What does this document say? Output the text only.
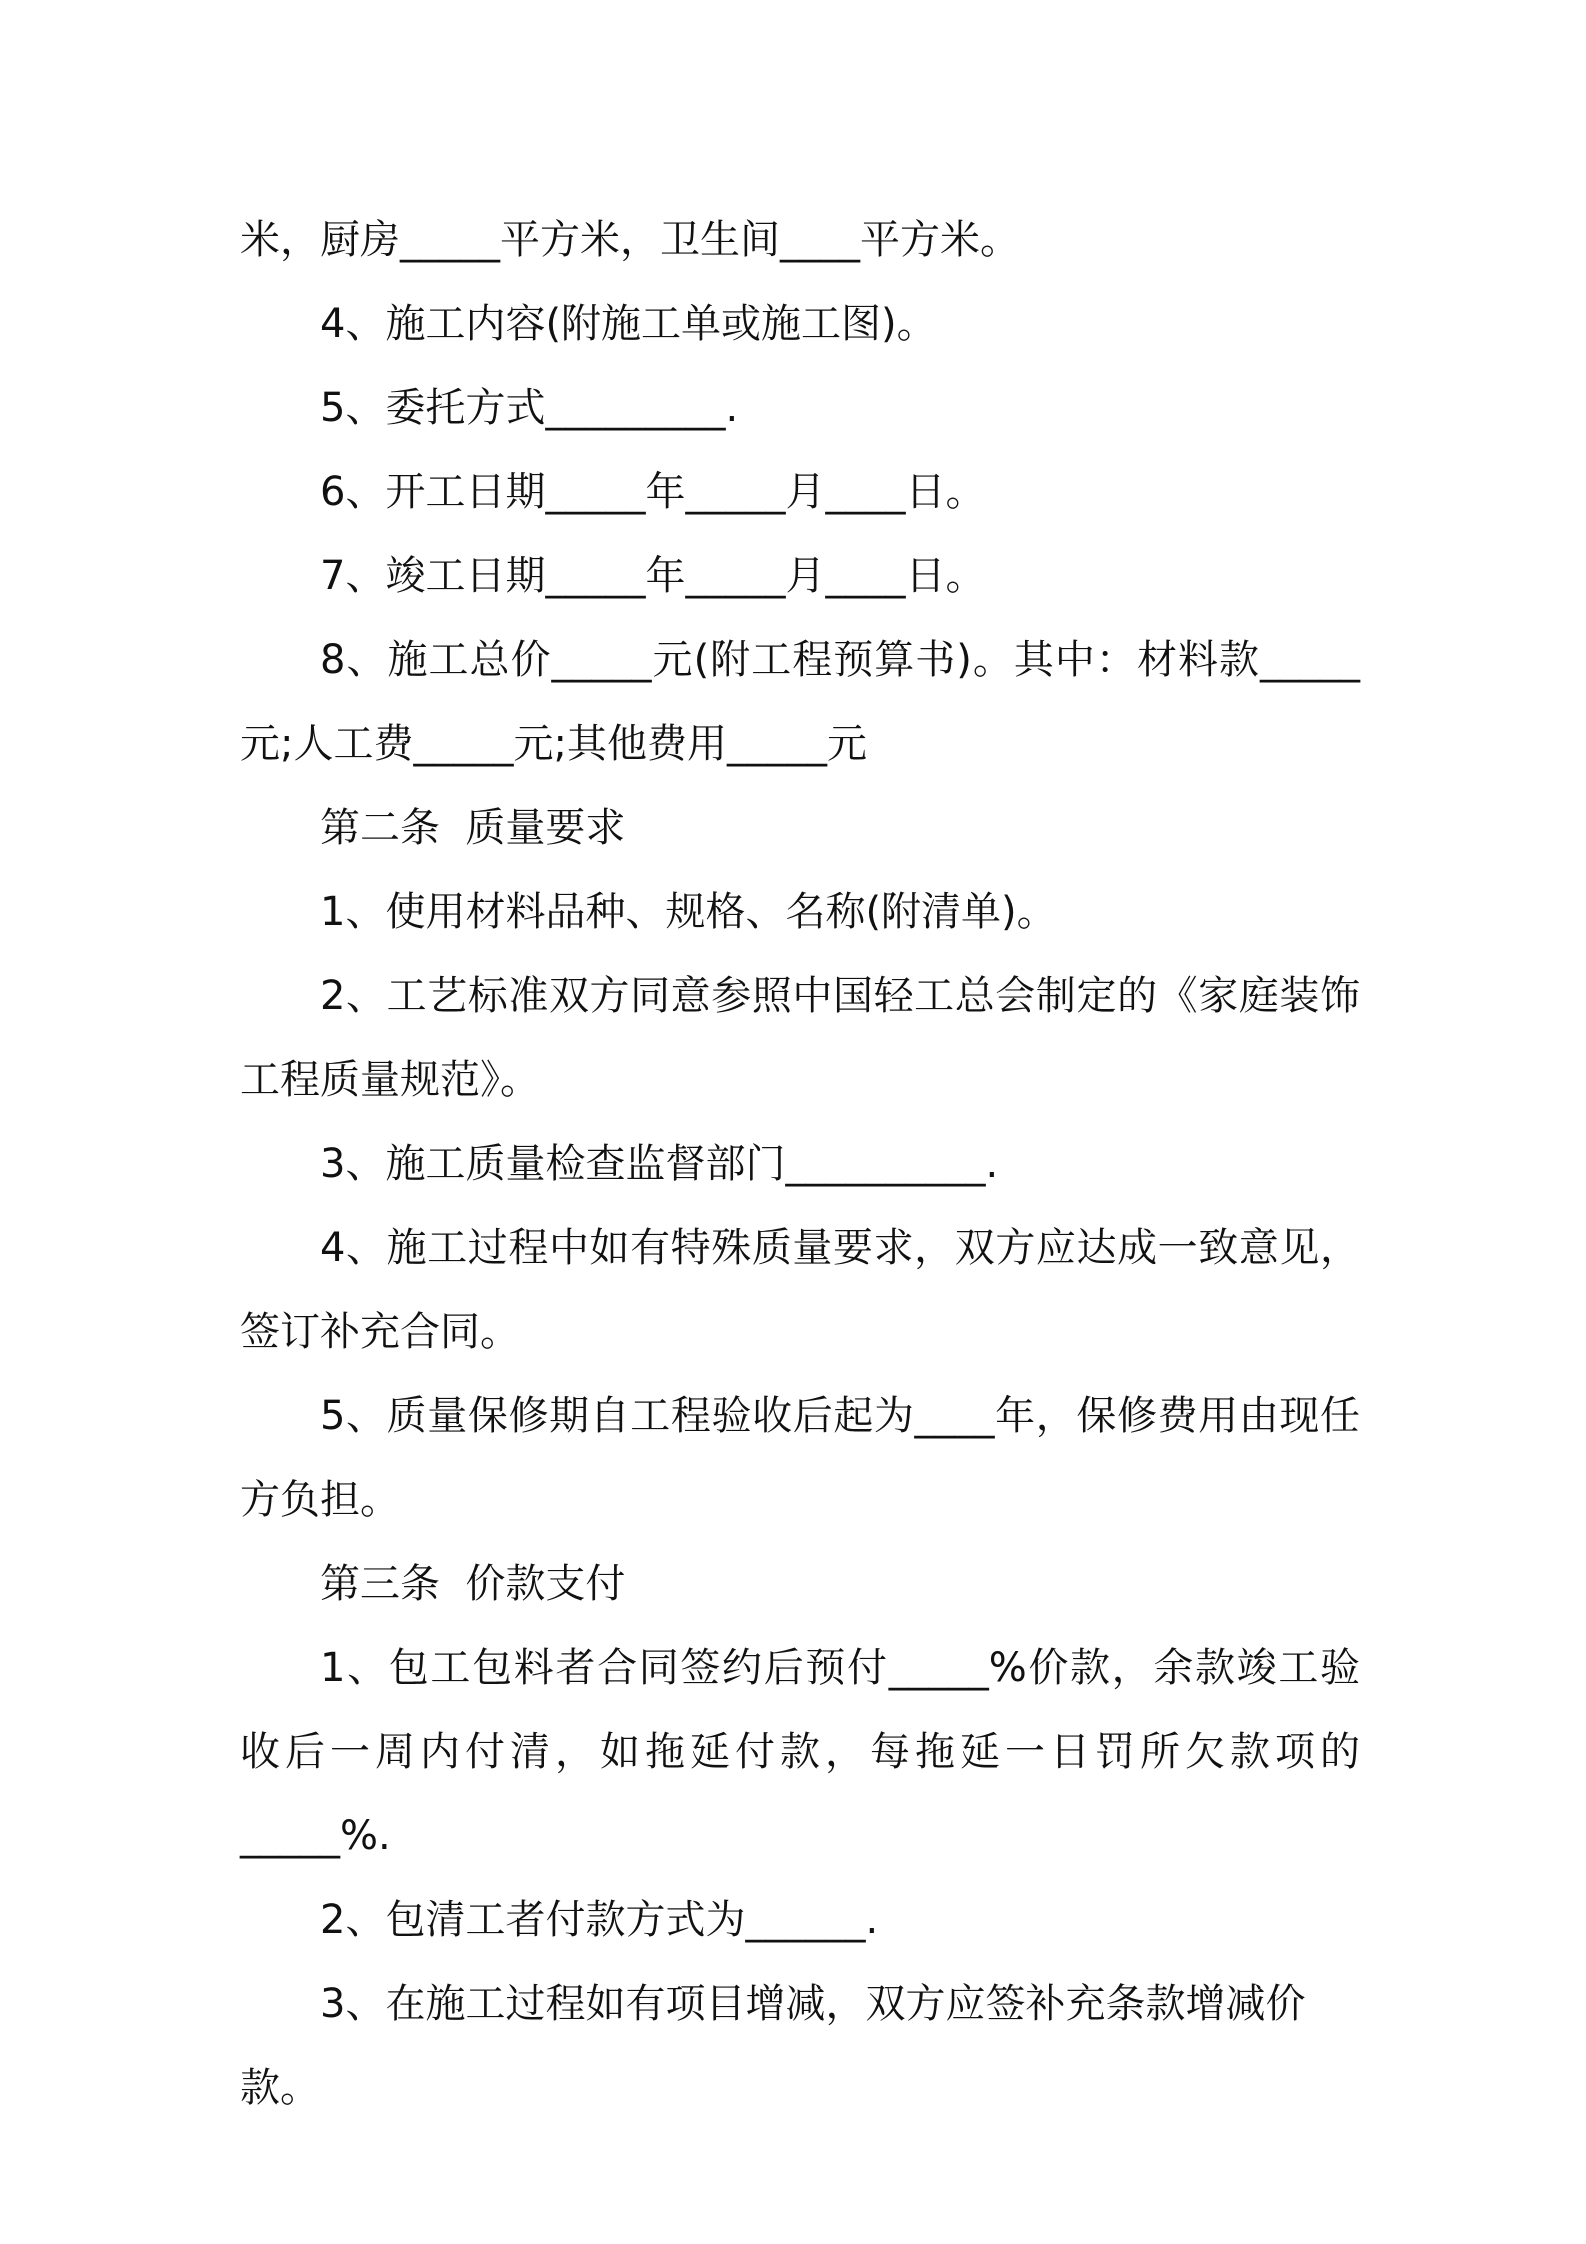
米，厨房_____平方米，卫生间____平方米。

4、施工内容(附施工单或施工图)。

5、委托方式_________.

6、开工日期_____年_____月____日。

7、竣工日期_____年_____月____日。

8、施工总价_____元(附工程预算书)。其中：材料款_____元;人工费_____元;其他费用_____元

第二条  质量要求

1、使用材料品种、规格、名称(附清单)。

2、工艺标准双方同意参照中国轻工总会制定的《家庭装饰工程质量规范》。

3、施工质量检查监督部门__________.

4、施工过程中如有特殊质量要求，双方应达成一致意见，签订补充合同。

5、质量保修期自工程验收后起为____年，保修费用由现任方负担。

第三条  价款支付

1、包工包料者合同签约后预付_____%价款，余款竣工验收后一周内付清，如拖延付款，每拖延一日罚所欠款项的_____%.

2、包清工者付款方式为______.

3、在施工过程如有项目增减，双方应签补充条款增减价款。
